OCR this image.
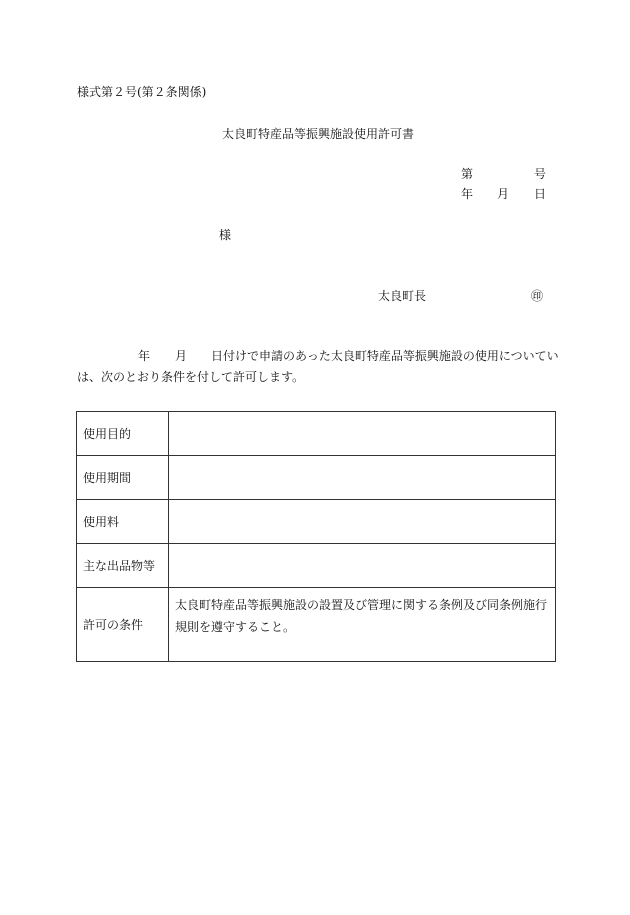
様式第２号(第２条関係)
太良町特産品等振興施設使用許可書
第	号
年 月 日
様
太良町長	㊞
年 月 日付けで申請のあった太良町特産品等振興施設の使用についてい
は、次のとおり条件を付して許可します。
使用目的	
使用期間	
使用料	
主な出品物等	
許可の条件	太良町特産品等振興施設の設置及び管理に関する条例及び同条例施行規則を遵守すること。
